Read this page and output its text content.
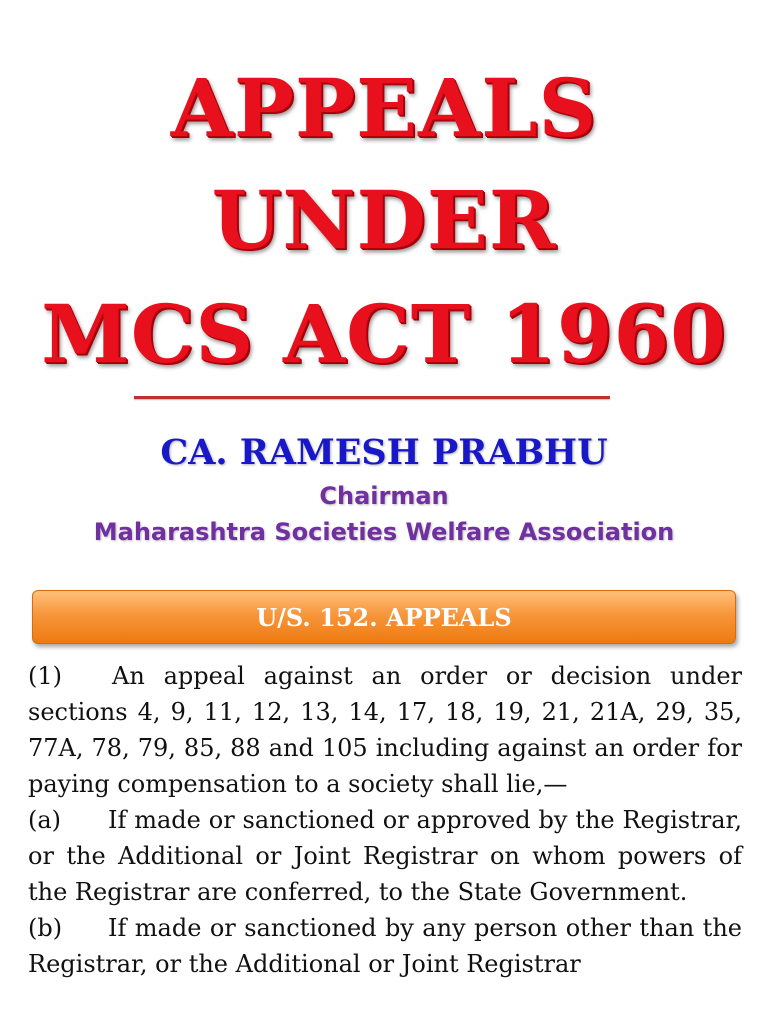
APPEALS
UNDER
MCS ACT 1960
CA. RAMESH PRABHU
Chairman
Maharashtra Societies Welfare Association
U/S. 152. APPEALS

(1) An appeal against an order or decision under sections 4, 9, 11, 12, 13, 14, 17, 18, 19, 21, 21A, 29, 35, 77A, 78, 79, 85, 88 and 105 including against an order for paying compensation to a society shall lie,—

(a) If made or sanctioned or approved by the Registrar, or the Additional or Joint Registrar on whom powers of the Registrar are conferred, to the State Government.

(b) If made or sanctioned by any person other than the Registrar, or the Additional or Joint Registrar
